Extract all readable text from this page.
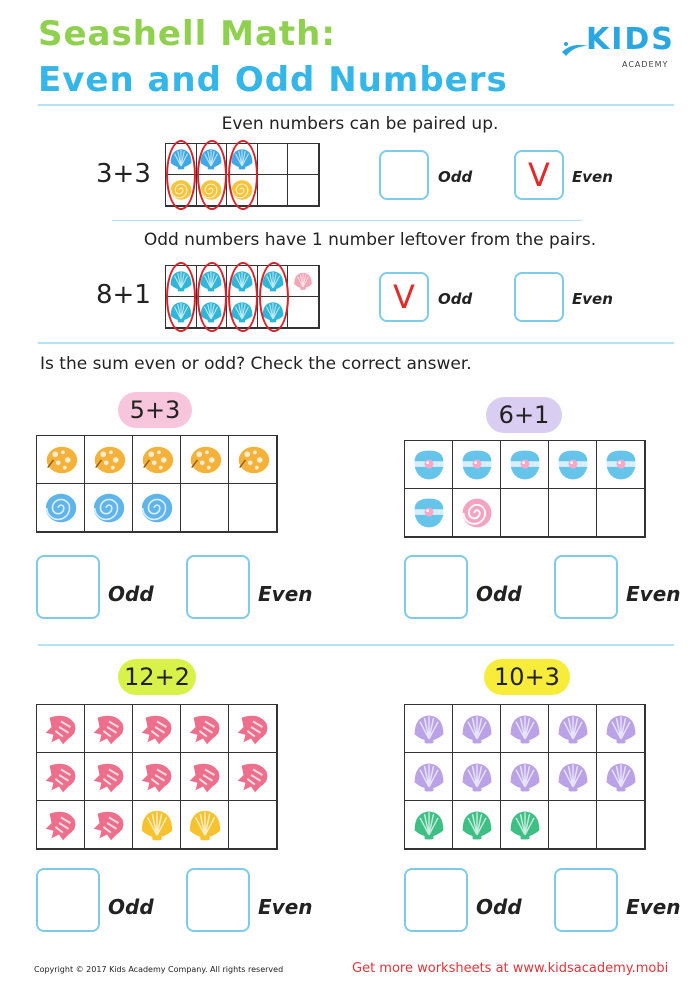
Seashell Math:
Even and Odd Numbers
KIDS
ACADEMY
Even numbers can be paired up.
3+3	Odd V Even
Odd numbers have 1 number leftover from the pairs.
8+1	V Odd	Even
Is the sum even or odd? Check the correct answer.
5+3
Odd	Even
6+1
Odd	Even
12+2
Odd	Even
10+3
Odd	Even
Copyright © 2017 Kids Academy Company. All rights reserved	Get more worksheets at www.kidsacademy.mobi
